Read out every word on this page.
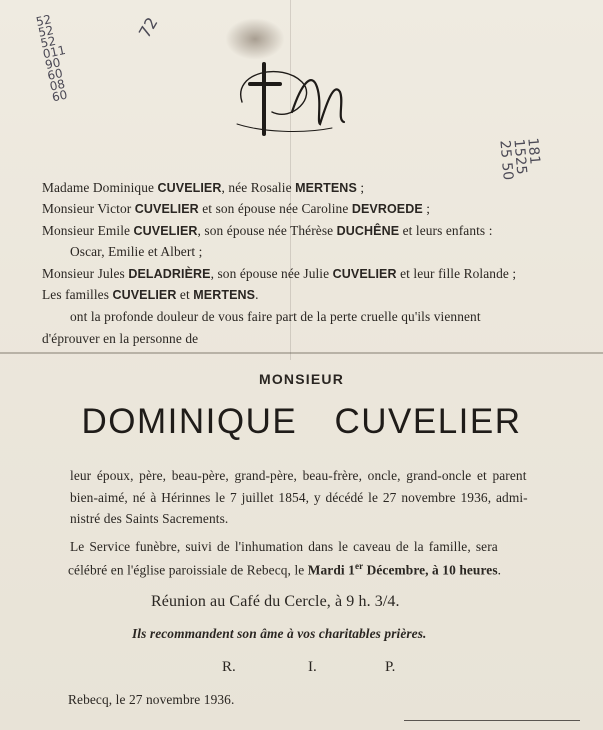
52
52
52
011
90
60
08
60
72
181
1525
25 50
Madame Dominique CUVELIER, née Rosalie MERTENS ;
Monsieur Victor CUVELIER et son épouse née Caroline DEVROEDE ;
Monsieur Emile CUVELIER, son épouse née Thérèse DUCHÊNE et leurs enfants :
Oscar, Emilie et Albert ;
Monsieur Jules DELADRIÈRE, son épouse née Julie CUVELIER et leur fille Rolande ;
Les familles CUVELIER et MERTENS.
ont la profonde douleur de vous faire part de la perte cruelle qu'ils viennent
d'éprouver en la personne de
MONSIEUR
DOMINIQUE CUVELIER
leur époux, père, beau-père, grand-père, beau-frère, oncle, grand-oncle et parent
bien-aimé, né à Hérinnes le 7 juillet 1854, y décédé le 27 novembre 1936, admi-
nistré des Saints Sacrements.
Le Service funèbre, suivi de l'inhumation dans le caveau de la famille, sera
célébré en l'église paroissiale de Rebecq, le Mardi 1er Décembre, à 10 heures.
Réunion au Café du Cercle, à 9 h. 3/4.
Ils recommandent son âme à vos charitables prières.
R.	I.	P.
Rebecq, le 27 novembre 1936.
